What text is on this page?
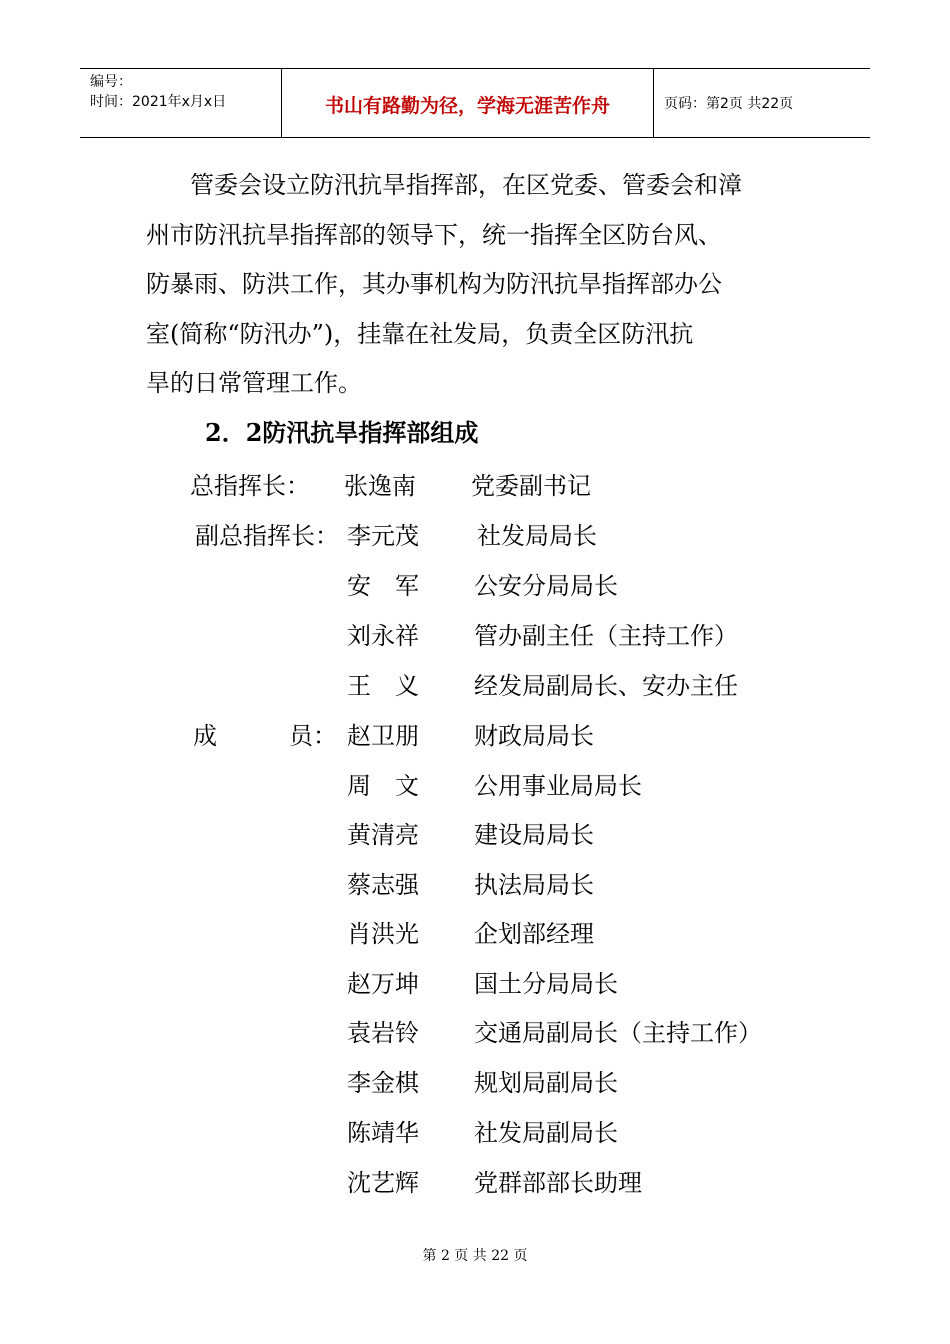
编号：
时间：2021年x月x日	书山有路勤为径，学海无涯苦作舟	页码：第2页 共22页
管委会设立防汛抗旱指挥部，在区党委、管委会和漳
州市防汛抗旱指挥部的领导下，统一指挥全区防台风、
防暴雨、防洪工作，其办事机构为防汛抗旱指挥部办公
室(简称“防汛办”)，挂靠在社发局，负责全区防汛抗
旱的日常管理工作。
2．2防汛抗旱指挥部组成
总指挥长： 张逸南 党委副书记
副总指挥长： 李元茂 社发局局长
安　军 公安分局局长
刘永祥 管办副主任（主持工作）
王　义 经发局副局长、安办主任
成　　　员： 赵卫朋 财政局局长
周　文 公用事业局局长
黄清亮 建设局局长
蔡志强 执法局局长
肖洪光 企划部经理
赵万坤 国土分局局长
袁岩铃 交通局副局长（主持工作）
李金棋 规划局副局长
陈靖华 社发局副局长
沈艺辉 党群部部长助理
第 2 页 共 22 页
